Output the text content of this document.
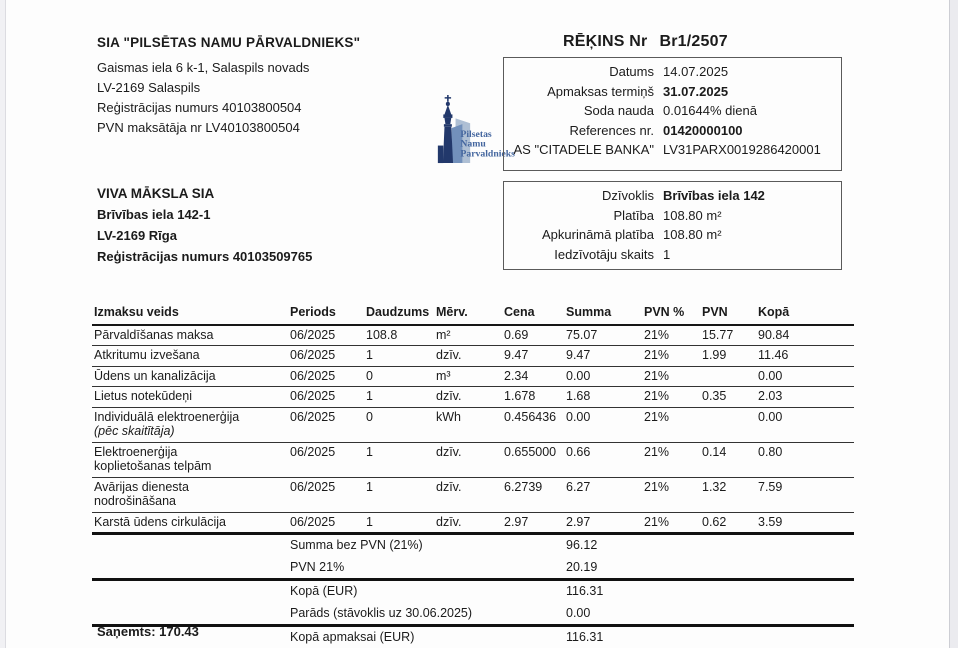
SIA "PILSĒTAS NAMU PĀRVALDNIEKS"
Gaismas iela 6 k-1, Salaspils novads
LV-2169 Salaspils
Reģistrācijas numurs 40103800504
PVN maksātāja nr LV40103800504	Pilsetas
Namu
Parvaldnieks
RĒĶINS Nr Br1/2507
Datums 14.07.2025
Apmaksas termiņš 31.07.2025
Soda nauda 0.01644% dienā
References nr. 01420000100
AS "CITADELE BANKA" LV31PARX0019286420001
Dzīvoklis Brīvības iela 142
Platība 108.80 m²
Apkurināmā platība 108.80 m²
Iedzīvotāju skaits 1
VIVA MĀKSLA SIA
Brīvības iela 142-1
LV-2169 Rīga
Reģistrācijas numurs 40103509765
Izmaksu veids	Periods	Daudzums	Mērv.	Cena	Summa	PVN %	PVN	Kopā

Pārvaldīšanas maksa	06/2025	108.8	m²	0.69	75.07	21%	15.77	90.84

Atkritumu izvešana	06/2025	1	dzīv.	9.47	9.47	21%	1.99	11.46

Ūdens un kanalizācija	06/2025	0	m³	2.34	0.00	21%		0.00

Lietus notekūdeņi	06/2025	1	dzīv.	1.678	1.68	21%	0.35	2.03

Individuālā elektroenerģija
(pēc skaitītāja)	06/2025	0	kWh	0.456436	0.00	21%		0.00

Elektroenerģija
koplietošanas telpām	06/2025	1	dzīv.	0.655000	0.66	21%	0.14	0.80

Avārijas dienesta
nodrošināšana	06/2025	1	dzīv.	6.2739	6.27	21%	1.32	7.59

Karstā ūdens cirkulācija	06/2025	1	dzīv.	2.97	2.97	21%	0.62	3.59
	Summa bez PVN (21%)				96.12			
	PVN 21%				20.19			
	Kopā (EUR)				116.31			
	Parāds (stāvoklis uz 30.06.2025)				0.00			
	Kopā apmaksai (EUR)				116.31			
Saņemts: 170.43
